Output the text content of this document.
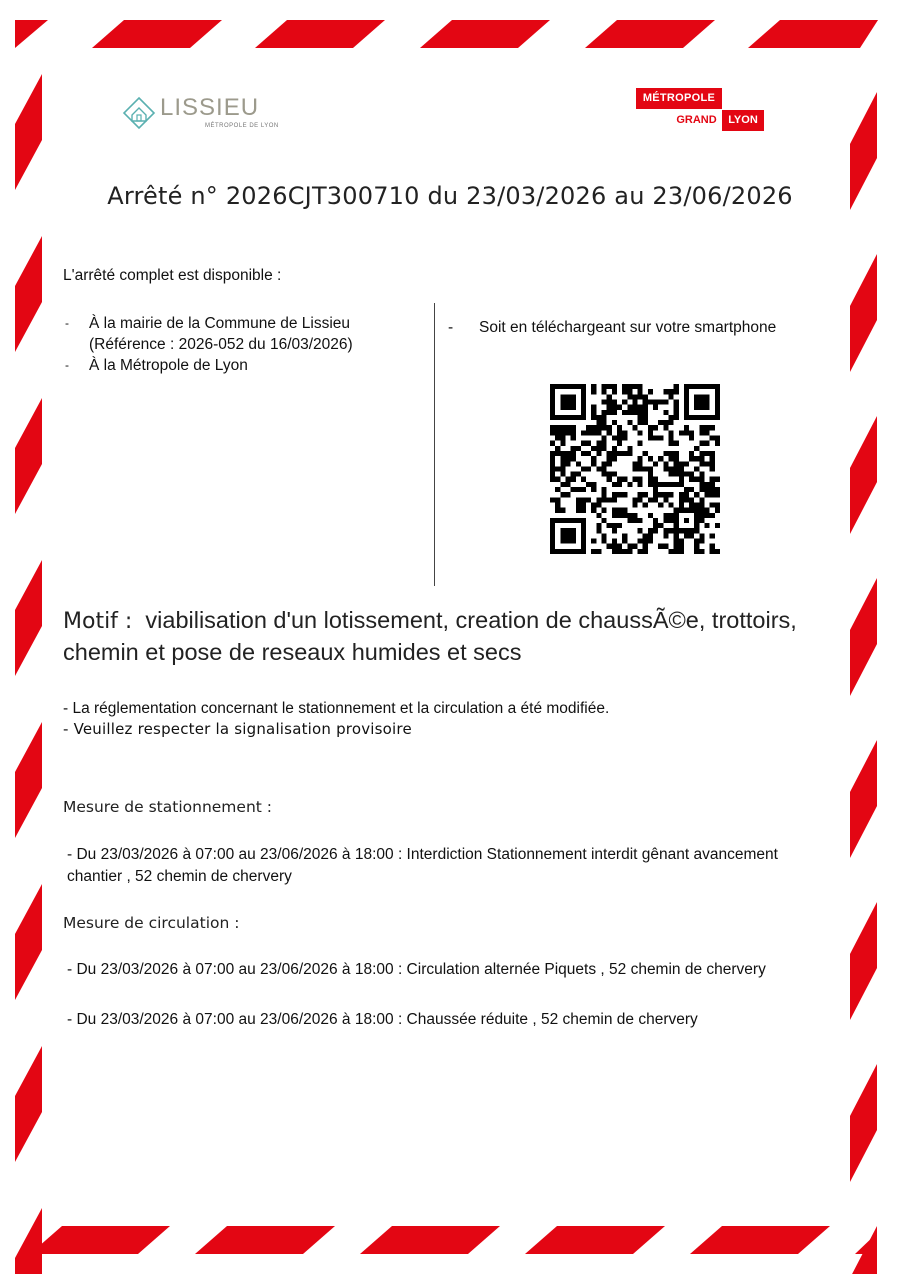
LISSIEU
MÉTROPOLE DE LYON
MÉTROPOLE
GRAND	LYON
Arrêté n° 2026CJT300710 du 23/03/2026 au 23/06/2026
L'arrêté complet est disponible :
- À la mairie de la Commune de Lissieu
(Référence : 2026-052 du 16/03/2026)
- À la Métropole de Lyon
- Soit en téléchargeant sur votre smartphone
Motif : viabilisation d'un lotissement, creation de chaussÃ©e, trottoirs, chemin et pose de reseaux humides et secs
- La réglementation concernant le stationnement et la circulation a été modifiée.
- Veuillez respecter la signalisation provisoire
Mesure de stationnement :
- Du 23/03/2026 à 07:00 au 23/06/2026 à 18:00 : Interdiction Stationnement interdit gênant avancement chantier , 52 chemin de chervery
Mesure de circulation :
- Du 23/03/2026 à 07:00 au 23/06/2026 à 18:00 : Circulation alternée Piquets , 52 chemin de chervery
- Du 23/03/2026 à 07:00 au 23/06/2026 à 18:00 : Chaussée réduite , 52 chemin de chervery
